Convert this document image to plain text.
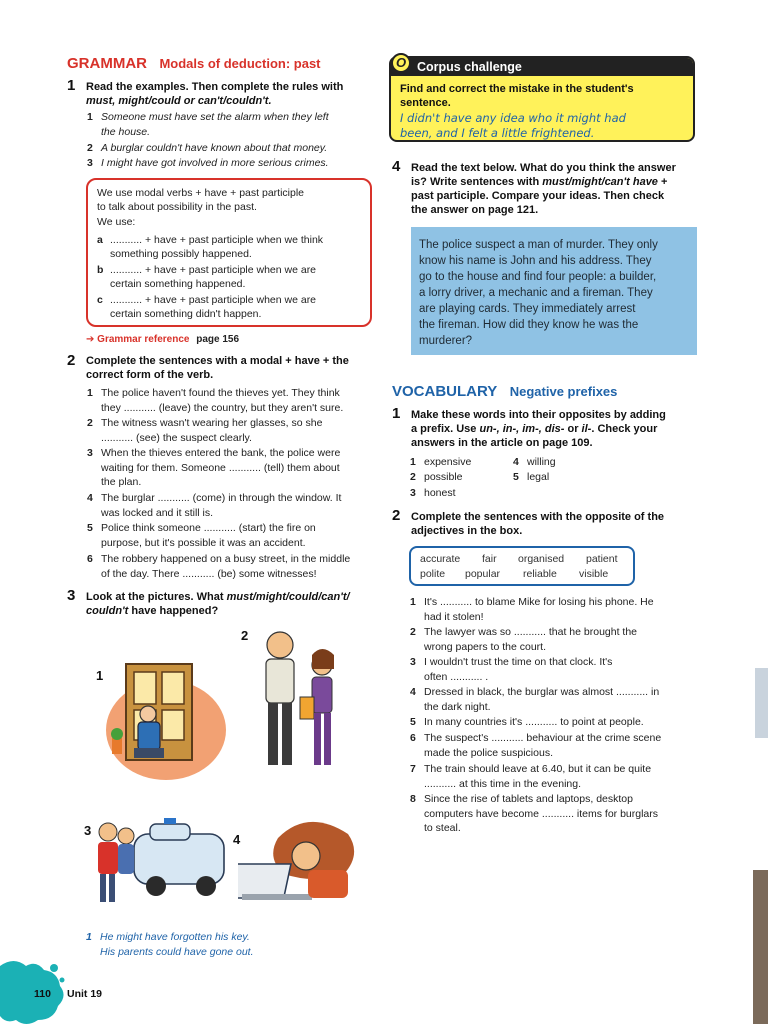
GRAMMAR Modals of deduction: past
1 Read the examples. Then complete the rules with
must, might/could or can't/couldn't.
1 Someone must have set the alarm when they left
the house.
2 A burglar couldn't have known about that money.
3 I might have got involved in more serious crimes.
We use modal verbs + have + past participle
to talk about possibility in the past.
We use:
a ........... + have + past participle when we think
something possibly happened.
b ........... + have + past participle when we are
certain something happened.
c ........... + have + past participle when we are
certain something didn't happen.
➔ Grammar reference page 156
2 Complete the sentences with a modal + have + the
correct form of the verb.
1 The police haven't found the thieves yet. They think
they ........... (leave) the country, but they aren't sure.
2 The witness wasn't wearing her glasses, so she
........... (see) the suspect clearly.
3 When the thieves entered the bank, the police were
waiting for them. Someone ........... (tell) them about
the plan.
4 The burglar ........... (come) in through the window. It
was locked and it still is.
5 Police think someone ........... (start) the fire on
purpose, but it's possible it was an accident.
6 The robbery happened on a busy street, in the middle
of the day. There ........... (be) some witnesses!
3 Look at the pictures. What must/might/could/can't/
couldn't have happened?
1
2
3
4
1 He might have forgotten his key.
His parents could have gone out.
Corpus challenge
Find and correct the mistake in the student's
sentence.
I didn't have any idea who it might had
been, and I felt a little frightened.
O
4 Read the text below. What do you think the answer
is? Write sentences with must/might/can't have +
past participle. Compare your ideas. Then check
the answer on page 121.
The police suspect a man of murder. They only
know his name is John and his address. They
go to the house and find four people: a builder,
a lorry driver, a mechanic and a fireman. They
are playing cards. They immediately arrest
the fireman. How did they know he was the
murderer?
VOCABULARY Negative prefixes
1 Make these words into their opposites by adding
a prefix. Use un-, in-, im-, dis- or il-. Check your
answers in the article on page 109.
1 expensive	4 willing
2 possible	5 legal
3 honest
2 Complete the sentences with the opposite of the
adjectives in the box.
accurate fair organised patient
polite popular reliable visible
1 It's ........... to blame Mike for losing his phone. He
had it stolen!
2 The lawyer was so ........... that he brought the
wrong papers to the court.
3 I wouldn't trust the time on that clock. It's
often ........... .
4 Dressed in black, the burglar was almost ........... in
the dark night.
5 In many countries it's ........... to point at people.
6 The suspect's ........... behaviour at the crime scene
made the police suspicious.
7 The train should leave at 6.40, but it can be quite
........... at this time in the evening.
8 Since the rise of tablets and laptops, desktop
computers have become ........... items for burglars
to steal.
110 Unit 19
